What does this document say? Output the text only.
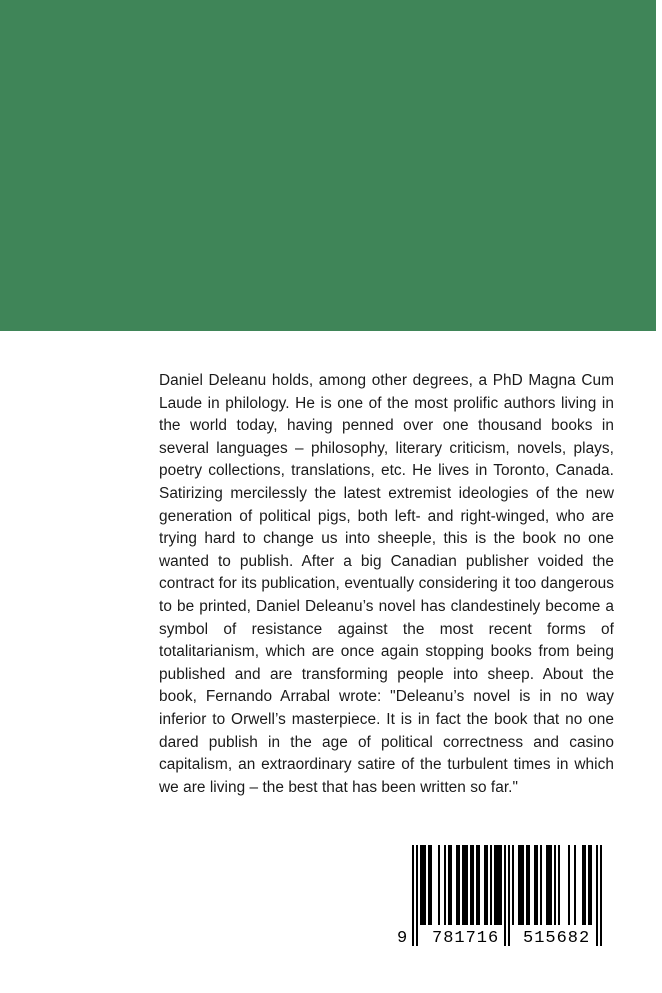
Daniel Deleanu holds, among other degrees, a PhD Magna Cum Laude in philology. He is one of the most prolific authors living in the world today, having penned over one thousand books in several languages – philosophy, literary criticism, novels, plays, poetry collections, translations, etc. He lives in Toronto, Canada. Satirizing mercilessly the latest extremist ideologies of the new generation of political pigs, both left- and right-winged, who are trying hard to change us into sheeple, this is the book no one wanted to publish. After a big Canadian publisher voided the contract for its publication, eventually considering it too dangerous to be printed, Daniel Deleanu’s novel has clandestinely become a symbol of resistance against the most recent forms of totalitarianism, which are once again stopping books from being published and are transforming people into sheep. About the book, Fernando Arrabal wrote: "Deleanu’s novel is in no way inferior to Orwell’s masterpiece. It is in fact the book that no one dared publish in the age of political correctness and casino capitalism, an extraordinary satire of the turbulent times in which we are living – the best that has been written so far."
9 781716 515682
